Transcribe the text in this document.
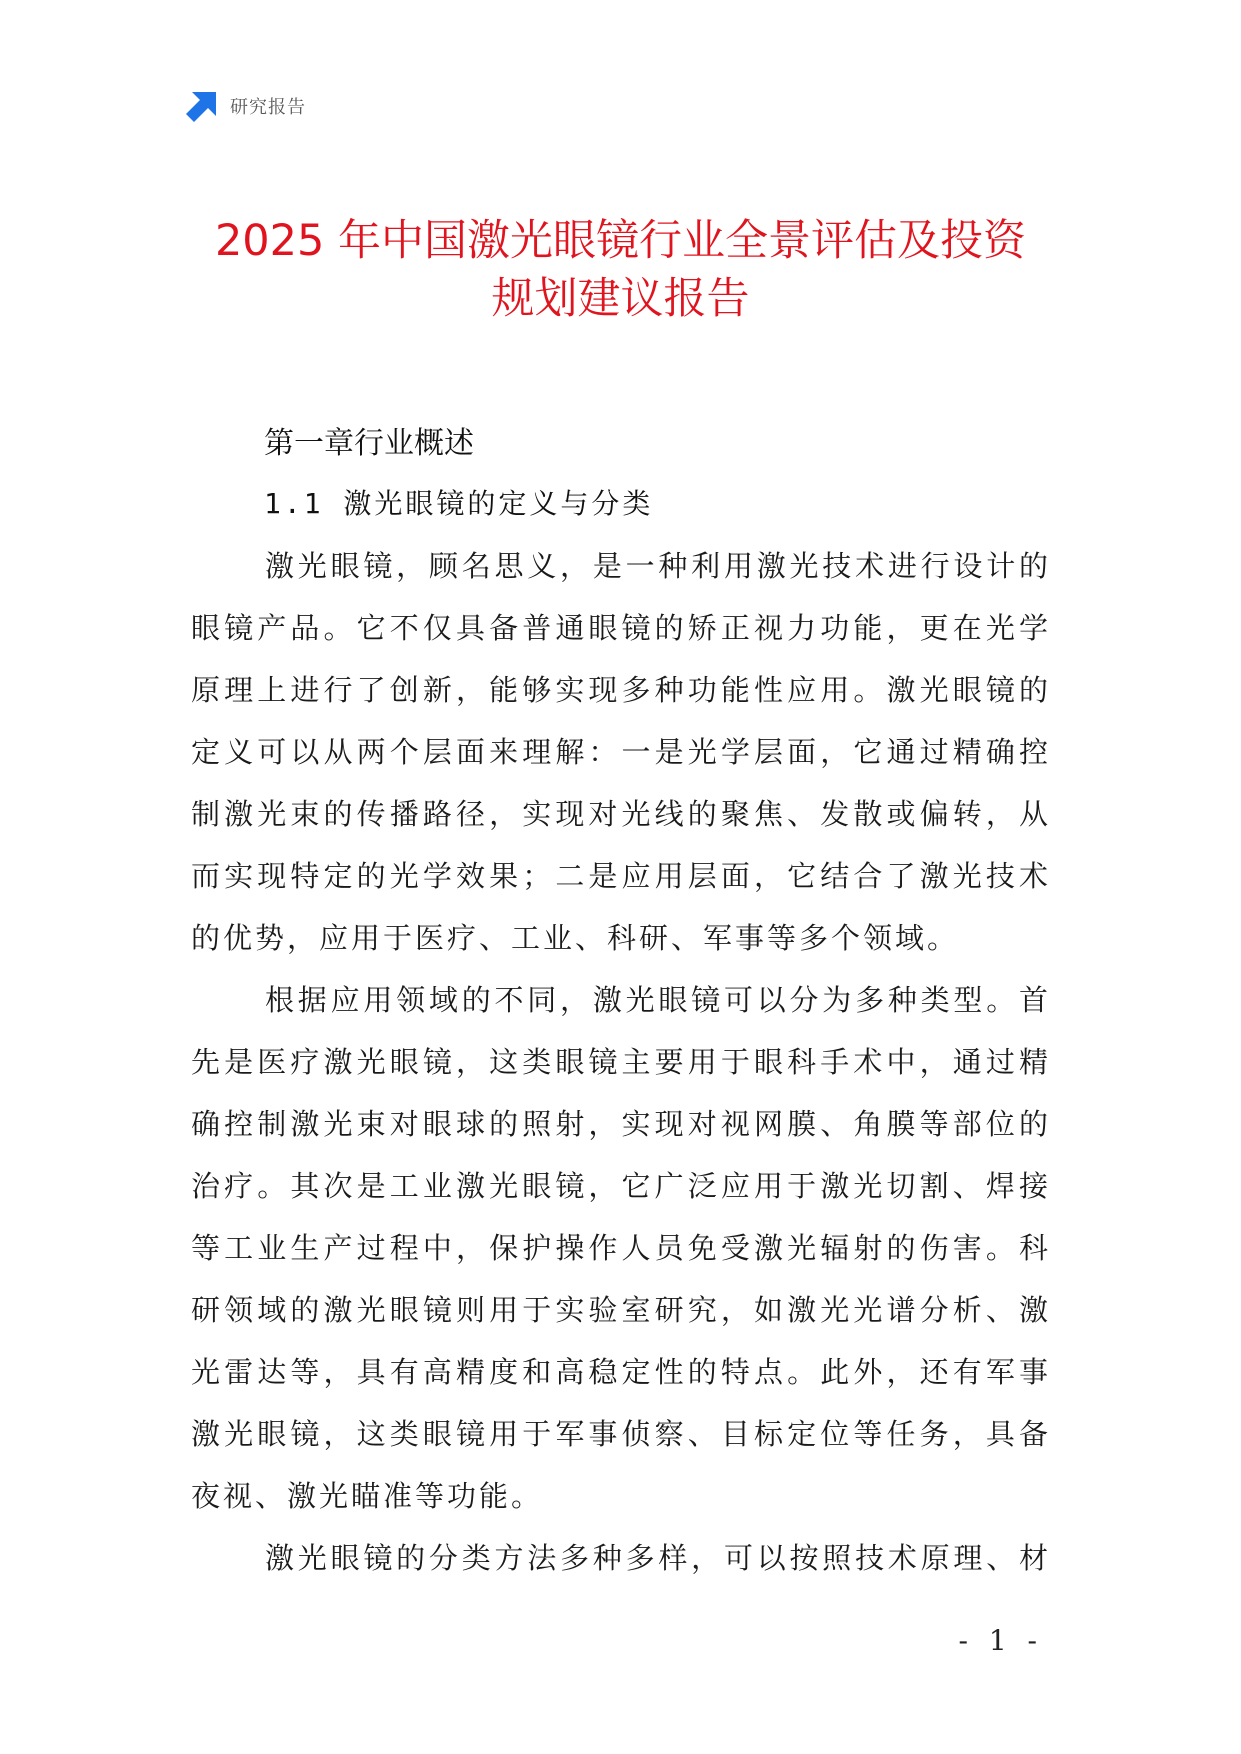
研究报告
2025 年中国激光眼镜行业全景评估及投资
规划建议报告
第一章行业概述
1.1 激光眼镜的定义与分类

激光眼镜，顾名思义，是一种利用激光技术进行设计的
眼镜产品。它不仅具备普通眼镜的矫正视力功能，更在光学
原理上进行了创新，能够实现多种功能性应用。激光眼镜的
定义可以从两个层面来理解：一是光学层面，它通过精确控
制激光束的传播路径，实现对光线的聚焦、发散或偏转，从
而实现特定的光学效果；二是应用层面，它结合了激光技术
的优势，应用于医疗、工业、科研、军事等多个领域。

根据应用领域的不同，激光眼镜可以分为多种类型。首
先是医疗激光眼镜，这类眼镜主要用于眼科手术中，通过精
确控制激光束对眼球的照射，实现对视网膜、角膜等部位的
治疗。其次是工业激光眼镜，它广泛应用于激光切割、焊接
等工业生产过程中，保护操作人员免受激光辐射的伤害。科
研领域的激光眼镜则用于实验室研究，如激光光谱分析、激
光雷达等，具有高精度和高稳定性的特点。此外，还有军事
激光眼镜，这类眼镜用于军事侦察、目标定位等任务，具备
夜视、激光瞄准等功能。

激光眼镜的分类方法多种多样，可以按照技术原理、材

- 1 -
